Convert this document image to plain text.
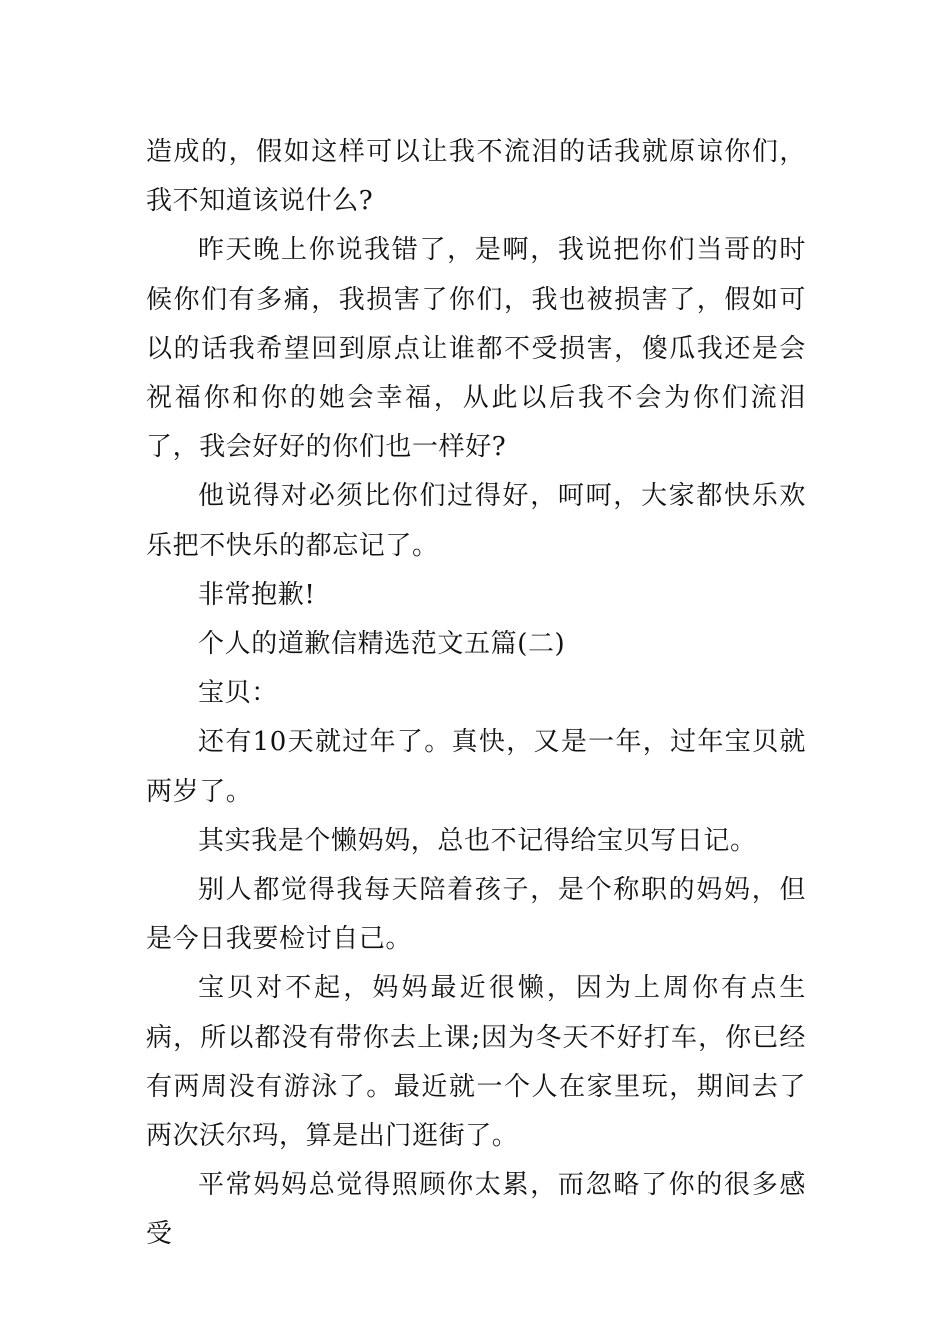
造成的，假如这样可以让我不流泪的话我就原谅你们，我不知道该说什么?

昨天晚上你说我错了，是啊，我说把你们当哥的时候你们有多痛，我损害了你们，我也被损害了，假如可以的话我希望回到原点让谁都不受损害，傻瓜我还是会祝福你和你的她会幸福，从此以后我不会为你们流泪了，我会好好的你们也一样好?

他说得对必须比你们过得好，呵呵，大家都快乐欢乐把不快乐的都忘记了。

非常抱歉!

个人的道歉信精选范文五篇(二)

宝贝：

还有10天就过年了。真快，又是一年，过年宝贝就两岁了。

其实我是个懒妈妈，总也不记得给宝贝写日记。

别人都觉得我每天陪着孩子，是个称职的妈妈，但是今日我要检讨自己。

宝贝对不起，妈妈最近很懒，因为上周你有点生病，所以都没有带你去上课;因为冬天不好打车，你已经有两周没有游泳了。最近就一个人在家里玩，期间去了两次沃尔玛，算是出门逛街了。

平常妈妈总觉得照顾你太累，而忽略了你的很多感受
